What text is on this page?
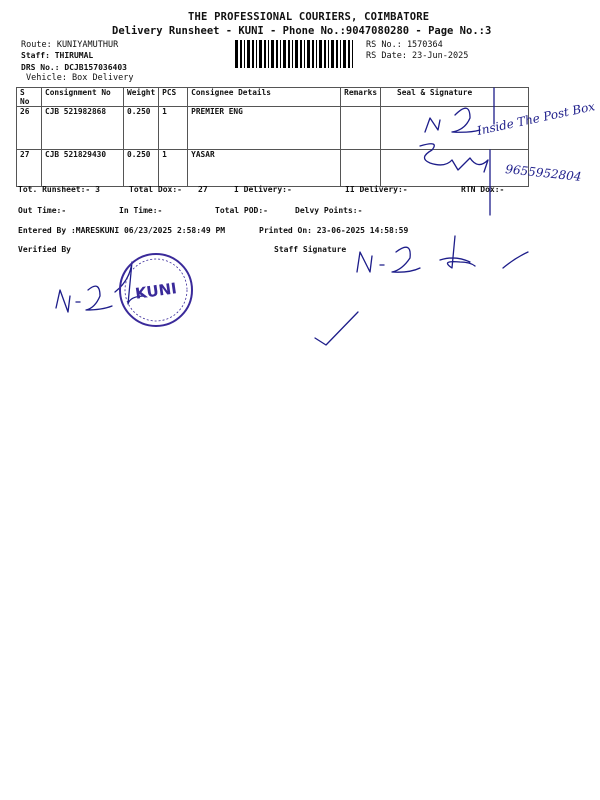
THE PROFESSIONAL COURIERS, COIMBATORE
Delivery Runsheet - KUNI - Phone No.:9047080280 - Page No.:3
Route: KUNIYAMUTHUR
Staff: THIRUMAL
DRS No.: DCJB157036403
Vehicle: Box Delivery
RS No.: 1570364
RS Date: 23-Jun-2025
S No	Consignment No	Weight	PCS	Consignee Details	Remarks	Seal & Signature
26	CJB 521982868	0.250	1	PREMIER ENG		
27	CJB 521829430	0.250	1	YASAR		
Tot. Runsheet:- 3	Total Dox:- 27	I Delivery:-	II Delivery:-	RTN Dox:-
Out Time:-	In Time:-	Total POD:-	Delvy Points:-
Entered By :MARESKUNI 06/23/2025 2:58:49 PM	Printed On: 23-06-2025 14:58:59
Verified By	Staff Signature
Inside The Post Box
9655952804
KUNI
